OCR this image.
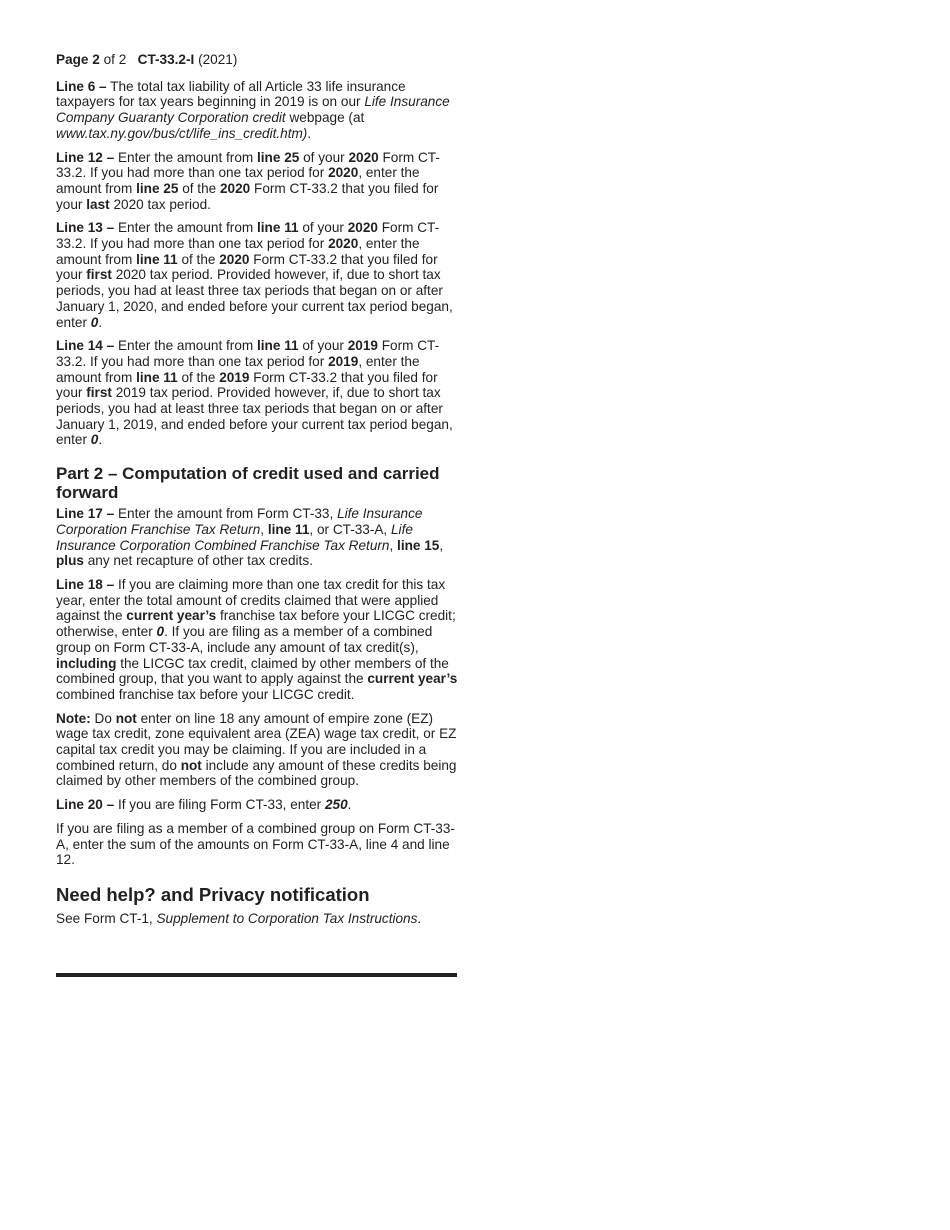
Page 2 of 2 CT-33.2-I (2021)

Line 6 – The total tax liability of all Article 33 life insurance taxpayers for tax years beginning in 2019 is on our Life Insurance Company Guaranty Corporation credit webpage (at www.tax.ny.gov/bus/ct/life_ins_credit.htm).

Line 12 – Enter the amount from line 25 of your 2020 Form CT-33.2. If you had more than one tax period for 2020, enter the amount from line 25 of the 2020 Form CT-33.2 that you filed for your last 2020 tax period.

Line 13 – Enter the amount from line 11 of your 2020 Form CT-33.2. If you had more than one tax period for 2020, enter the amount from line 11 of the 2020 Form CT-33.2 that you filed for your first 2020 tax period. Provided however, if, due to short tax periods, you had at least three tax periods that began on or after January 1, 2020, and ended before your current tax period began, enter 0.

Line 14 – Enter the amount from line 11 of your 2019 Form CT-33.2. If you had more than one tax period for 2019, enter the amount from line 11 of the 2019 Form CT-33.2 that you filed for your first 2019 tax period. Provided however, if, due to short tax periods, you had at least three tax periods that began on or after January 1, 2019, and ended before your current tax period began, enter 0.

Part 2 – Computation of credit used and carried forward

Line 17 – Enter the amount from Form CT-33, Life Insurance Corporation Franchise Tax Return, line 11, or CT-33-A, Life Insurance Corporation Combined Franchise Tax Return, line 15, plus any net recapture of other tax credits.

Line 18 – If you are claiming more than one tax credit for this tax year, enter the total amount of credits claimed that were applied against the current year’s franchise tax before your LICGC credit; otherwise, enter 0. If you are filing as a member of a combined group on Form CT-33-A, include any amount of tax credit(s), including the LICGC tax credit, claimed by other members of the combined group, that you want to apply against the current year’s combined franchise tax before your LICGC credit.

Note: Do not enter on line 18 any amount of empire zone (EZ) wage tax credit, zone equivalent area (ZEA) wage tax credit, or EZ capital tax credit you may be claiming. If you are included in a combined return, do not include any amount of these credits being claimed by other members of the combined group.

Line 20 – If you are filing Form CT-33, enter 250.

If you are filing as a member of a combined group on Form CT-33-A, enter the sum of the amounts on Form CT-33-A, line 4 and line 12.

Need help? and Privacy notification

See Form CT-1, Supplement to Corporation Tax Instructions.
